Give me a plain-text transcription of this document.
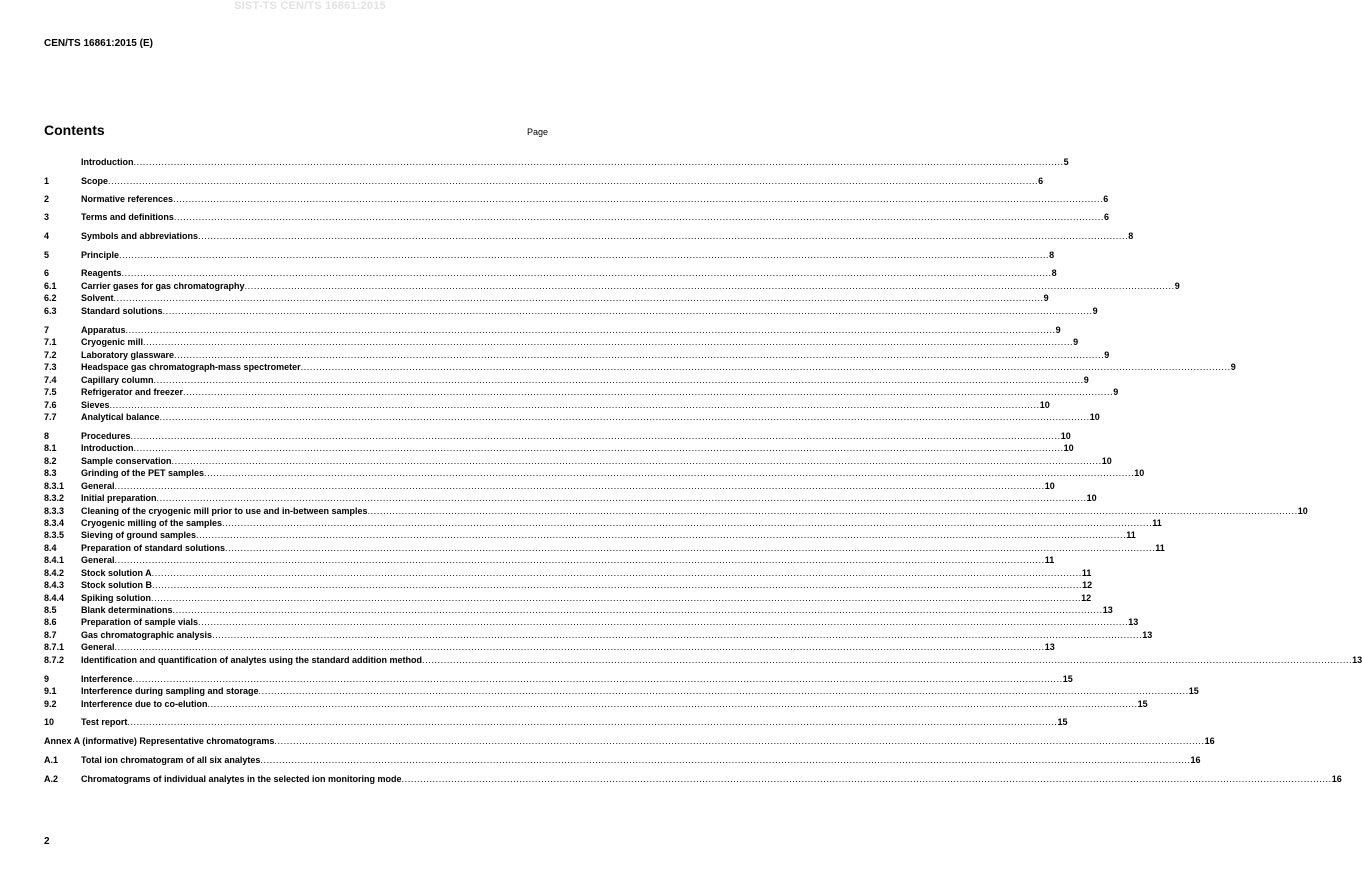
SIST-TS CEN/TS 16861:2015
CEN/TS 16861:2015 (E)
Contents	Page
Introduction ............................................................................................................................................................................................................................................................................................................ 5
1	Scope ............................................................................................................................................................................................................................................................................................................ 6
2	Normative references ............................................................................................................................................................................................................................................................................................................ 6
3	Terms and definitions ............................................................................................................................................................................................................................................................................................................ 6
4	Symbols and abbreviations ............................................................................................................................................................................................................................................................................................................ 8
5	Principle ............................................................................................................................................................................................................................................................................................................ 8
6	Reagents ............................................................................................................................................................................................................................................................................................................ 8
6.1	Carrier gases for gas chromatography ............................................................................................................................................................................................................................................................................................................ 9
6.2	Solvent ............................................................................................................................................................................................................................................................................................................ 9
6.3	Standard solutions ............................................................................................................................................................................................................................................................................................................ 9
7	Apparatus ............................................................................................................................................................................................................................................................................................................ 9
7.1	Cryogenic mill ............................................................................................................................................................................................................................................................................................................ 9
7.2	Laboratory glassware ............................................................................................................................................................................................................................................................................................................ 9
7.3	Headspace gas chromatograph-mass spectrometer ............................................................................................................................................................................................................................................................................................................ 9
7.4	Capillary column ............................................................................................................................................................................................................................................................................................................ 9
7.5	Refrigerator and freezer ............................................................................................................................................................................................................................................................................................................ 9
7.6	Sieves ............................................................................................................................................................................................................................................................................................................ 10
7.7	Analytical balance ............................................................................................................................................................................................................................................................................................................ 10
8	Procedures ............................................................................................................................................................................................................................................................................................................ 10
8.1	Introduction ............................................................................................................................................................................................................................................................................................................ 10
8.2	Sample conservation ............................................................................................................................................................................................................................................................................................................ 10
8.3	Grinding of the PET samples ............................................................................................................................................................................................................................................................................................................ 10
8.3.1	General ............................................................................................................................................................................................................................................................................................................ 10
8.3.2	Initial preparation ............................................................................................................................................................................................................................................................................................................ 10
8.3.3	Cleaning of the cryogenic mill prior to use and in-between samples ............................................................................................................................................................................................................................................................................................................ 10
8.3.4	Cryogenic milling of the samples ............................................................................................................................................................................................................................................................................................................ 11
8.3.5	Sieving of ground samples ............................................................................................................................................................................................................................................................................................................ 11
8.4	Preparation of standard solutions ............................................................................................................................................................................................................................................................................................................ 11
8.4.1	General ............................................................................................................................................................................................................................................................................................................ 11
8.4.2	Stock solution A ............................................................................................................................................................................................................................................................................................................ 11
8.4.3	Stock solution B ............................................................................................................................................................................................................................................................................................................ 12
8.4.4	Spiking solution ............................................................................................................................................................................................................................................................................................................ 12
8.5	Blank determinations ............................................................................................................................................................................................................................................................................................................ 13
8.6	Preparation of sample vials ............................................................................................................................................................................................................................................................................................................ 13
8.7	Gas chromatographic analysis ............................................................................................................................................................................................................................................................................................................ 13
8.7.1	General ............................................................................................................................................................................................................................................................................................................ 13
8.7.2	Identification and quantification of analytes using the standard addition method ............................................................................................................................................................................................................................................................................................................ 13
9	Interference ............................................................................................................................................................................................................................................................................................................ 15
9.1	Interference during sampling and storage ............................................................................................................................................................................................................................................................................................................ 15
9.2	Interference due to co-elution ............................................................................................................................................................................................................................................................................................................ 15
10	Test report ............................................................................................................................................................................................................................................................................................................ 15
Annex A (informative) Representative chromatograms ............................................................................................................................................................................................................................................................................................................ 16
A.1	Total ion chromatogram of all six analytes ............................................................................................................................................................................................................................................................................................................ 16
A.2	Chromatograms of individual analytes in the selected ion monitoring mode ............................................................................................................................................................................................................................................................................................................ 16
2
